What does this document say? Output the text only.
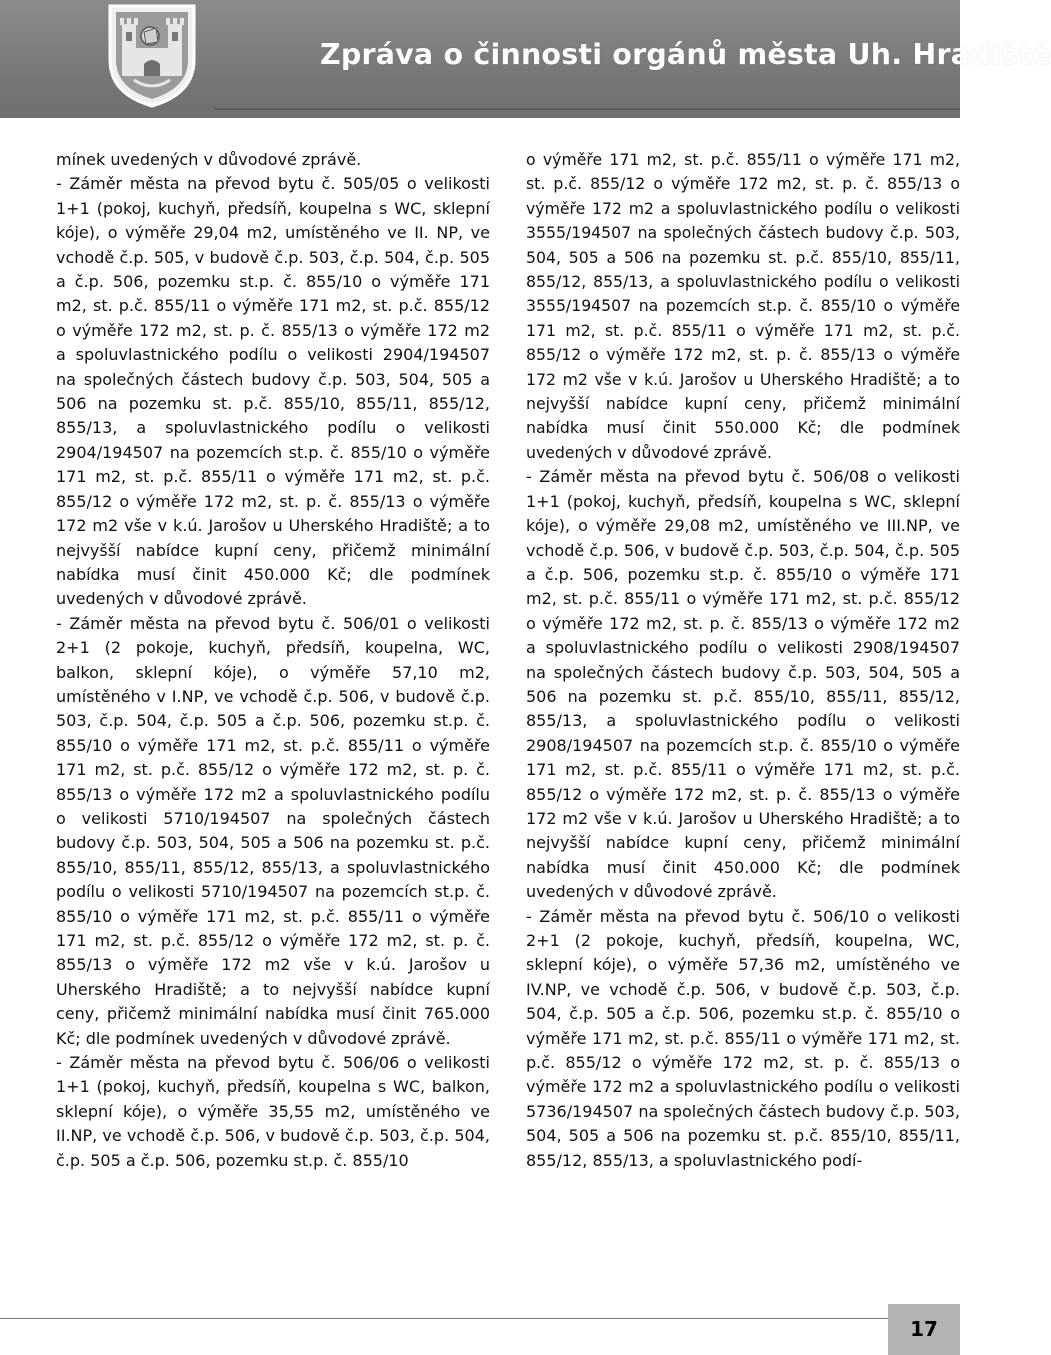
Zpráva o činnosti orgánů města Uh. Hradiště

mínek uvedených v důvodové zprávě.

- Záměr města na převod bytu č. 505/05 o velikosti 1+1 (pokoj, kuchyň, předsíň, koupelna s WC, sklepní kóje), o výměře 29,04 m2, umístěného ve II. NP, ve vchodě č.p. 505, v budově č.p. 503, č.p. 504, č.p. 505 a č.p. 506, pozemku st.p. č. 855/10 o výměře 171 m2, st. p.č. 855/11 o výměře 171 m2, st. p.č. 855/12 o výměře 172 m2, st. p. č. 855/13 o výměře 172 m2 a spoluvlastnického podílu o velikosti 2904/194507 na společných částech budovy č.p. 503, 504, 505 a 506 na pozemku st. p.č. 855/10, 855/11, 855/12, 855/13, a spoluvlastnického podílu o velikosti 2904/194507 na pozemcích st.p. č. 855/10 o výměře 171 m2, st. p.č. 855/11 o výměře 171 m2, st. p.č. 855/12 o výměře 172 m2, st. p. č. 855/13 o výměře 172 m2 vše v k.ú. Jarošov u Uherského Hradiště; a to nejvyšší nabídce kupní ceny, přičemž minimální nabídka musí činit 450.000 Kč; dle podmínek uvedených v důvodové zprávě.

- Záměr města na převod bytu č. 506/01 o velikosti 2+1 (2 pokoje, kuchyň, předsíň, koupelna, WC, balkon, sklepní kóje), o výměře 57,10 m2, umístěného v I.NP, ve vchodě č.p. 506, v budově č.p. 503, č.p. 504, č.p. 505 a č.p. 506, pozemku st.p. č. 855/10 o výměře 171 m2, st. p.č. 855/11 o výměře 171 m2, st. p.č. 855/12 o výměře 172 m2, st. p. č. 855/13 o výměře 172 m2 a spoluvlastnického podílu o velikosti 5710/194507 na společných částech budovy č.p. 503, 504, 505 a 506 na pozemku st. p.č. 855/10, 855/11, 855/12, 855/13, a spoluvlastnického podílu o velikosti 5710/194507 na pozemcích st.p. č. 855/10 o výměře 171 m2, st. p.č. 855/11 o výměře 171 m2, st. p.č. 855/12 o výměře 172 m2, st. p. č. 855/13 o výměře 172 m2 vše v k.ú. Jarošov u Uherského Hradiště; a to nejvyšší nabídce kupní ceny, přičemž minimální nabídka musí činit 765.000 Kč; dle podmínek uvedených v důvodové zprávě.

- Záměr města na převod bytu č. 506/06 o velikosti 1+1 (pokoj, kuchyň, předsíň, koupelna s WC, balkon, sklepní kóje), o výměře 35,55 m2, umístěného ve II.NP, ve vchodě č.p. 506, v budově č.p. 503, č.p. 504, č.p. 505 a č.p. 506, pozemku st.p. č. 855/10

o výměře 171 m2, st. p.č. 855/11 o výměře 171 m2, st. p.č. 855/12 o výměře 172 m2, st. p. č. 855/13 o výměře 172 m2 a spoluvlastnického podílu o velikosti 3555/194507 na společných částech budovy č.p. 503, 504, 505 a 506 na pozemku st. p.č. 855/10, 855/11, 855/12, 855/13, a spoluvlastnického podílu o velikosti 3555/194507 na pozemcích st.p. č. 855/10 o výměře 171 m2, st. p.č. 855/11 o výměře 171 m2, st. p.č. 855/12 o výměře 172 m2, st. p. č. 855/13 o výměře 172 m2 vše v k.ú. Jarošov u Uherského Hradiště; a to nejvyšší nabídce kupní ceny, přičemž minimální nabídka musí činit 550.000 Kč; dle podmínek uvedených v důvodové zprávě.

- Záměr města na převod bytu č. 506/08 o velikosti 1+1 (pokoj, kuchyň, předsíň, koupelna s WC, sklepní kóje), o výměře 29,08 m2, umístěného ve III.NP, ve vchodě č.p. 506, v budově č.p. 503, č.p. 504, č.p. 505 a č.p. 506, pozemku st.p. č. 855/10 o výměře 171 m2, st. p.č. 855/11 o výměře 171 m2, st. p.č. 855/12 o výměře 172 m2, st. p. č. 855/13 o výměře 172 m2 a spoluvlastnického podílu o velikosti 2908/194507 na společných částech budovy č.p. 503, 504, 505 a 506 na pozemku st. p.č. 855/10, 855/11, 855/12, 855/13, a spoluvlastnického podílu o velikosti 2908/194507 na pozemcích st.p. č. 855/10 o výměře 171 m2, st. p.č. 855/11 o výměře 171 m2, st. p.č. 855/12 o výměře 172 m2, st. p. č. 855/13 o výměře 172 m2 vše v k.ú. Jarošov u Uherského Hradiště; a to nejvyšší nabídce kupní ceny, přičemž minimální nabídka musí činit 450.000 Kč; dle podmínek uvedených v důvodové zprávě.

- Záměr města na převod bytu č. 506/10 o velikosti 2+1 (2 pokoje, kuchyň, předsíň, koupelna, WC, sklepní kóje), o výměře 57,36 m2, umístěného ve IV.NP, ve vchodě č.p. 506, v budově č.p. 503, č.p. 504, č.p. 505 a č.p. 506, pozemku st.p. č. 855/10 o výměře 171 m2, st. p.č. 855/11 o výměře 171 m2, st. p.č. 855/12 o výměře 172 m2, st. p. č. 855/13 o výměře 172 m2 a spoluvlastnického podílu o velikosti 5736/194507 na společných částech budovy č.p. 503, 504, 505 a 506 na pozemku st. p.č. 855/10, 855/11, 855/12, 855/13, a spoluvlastnického podí-

17
